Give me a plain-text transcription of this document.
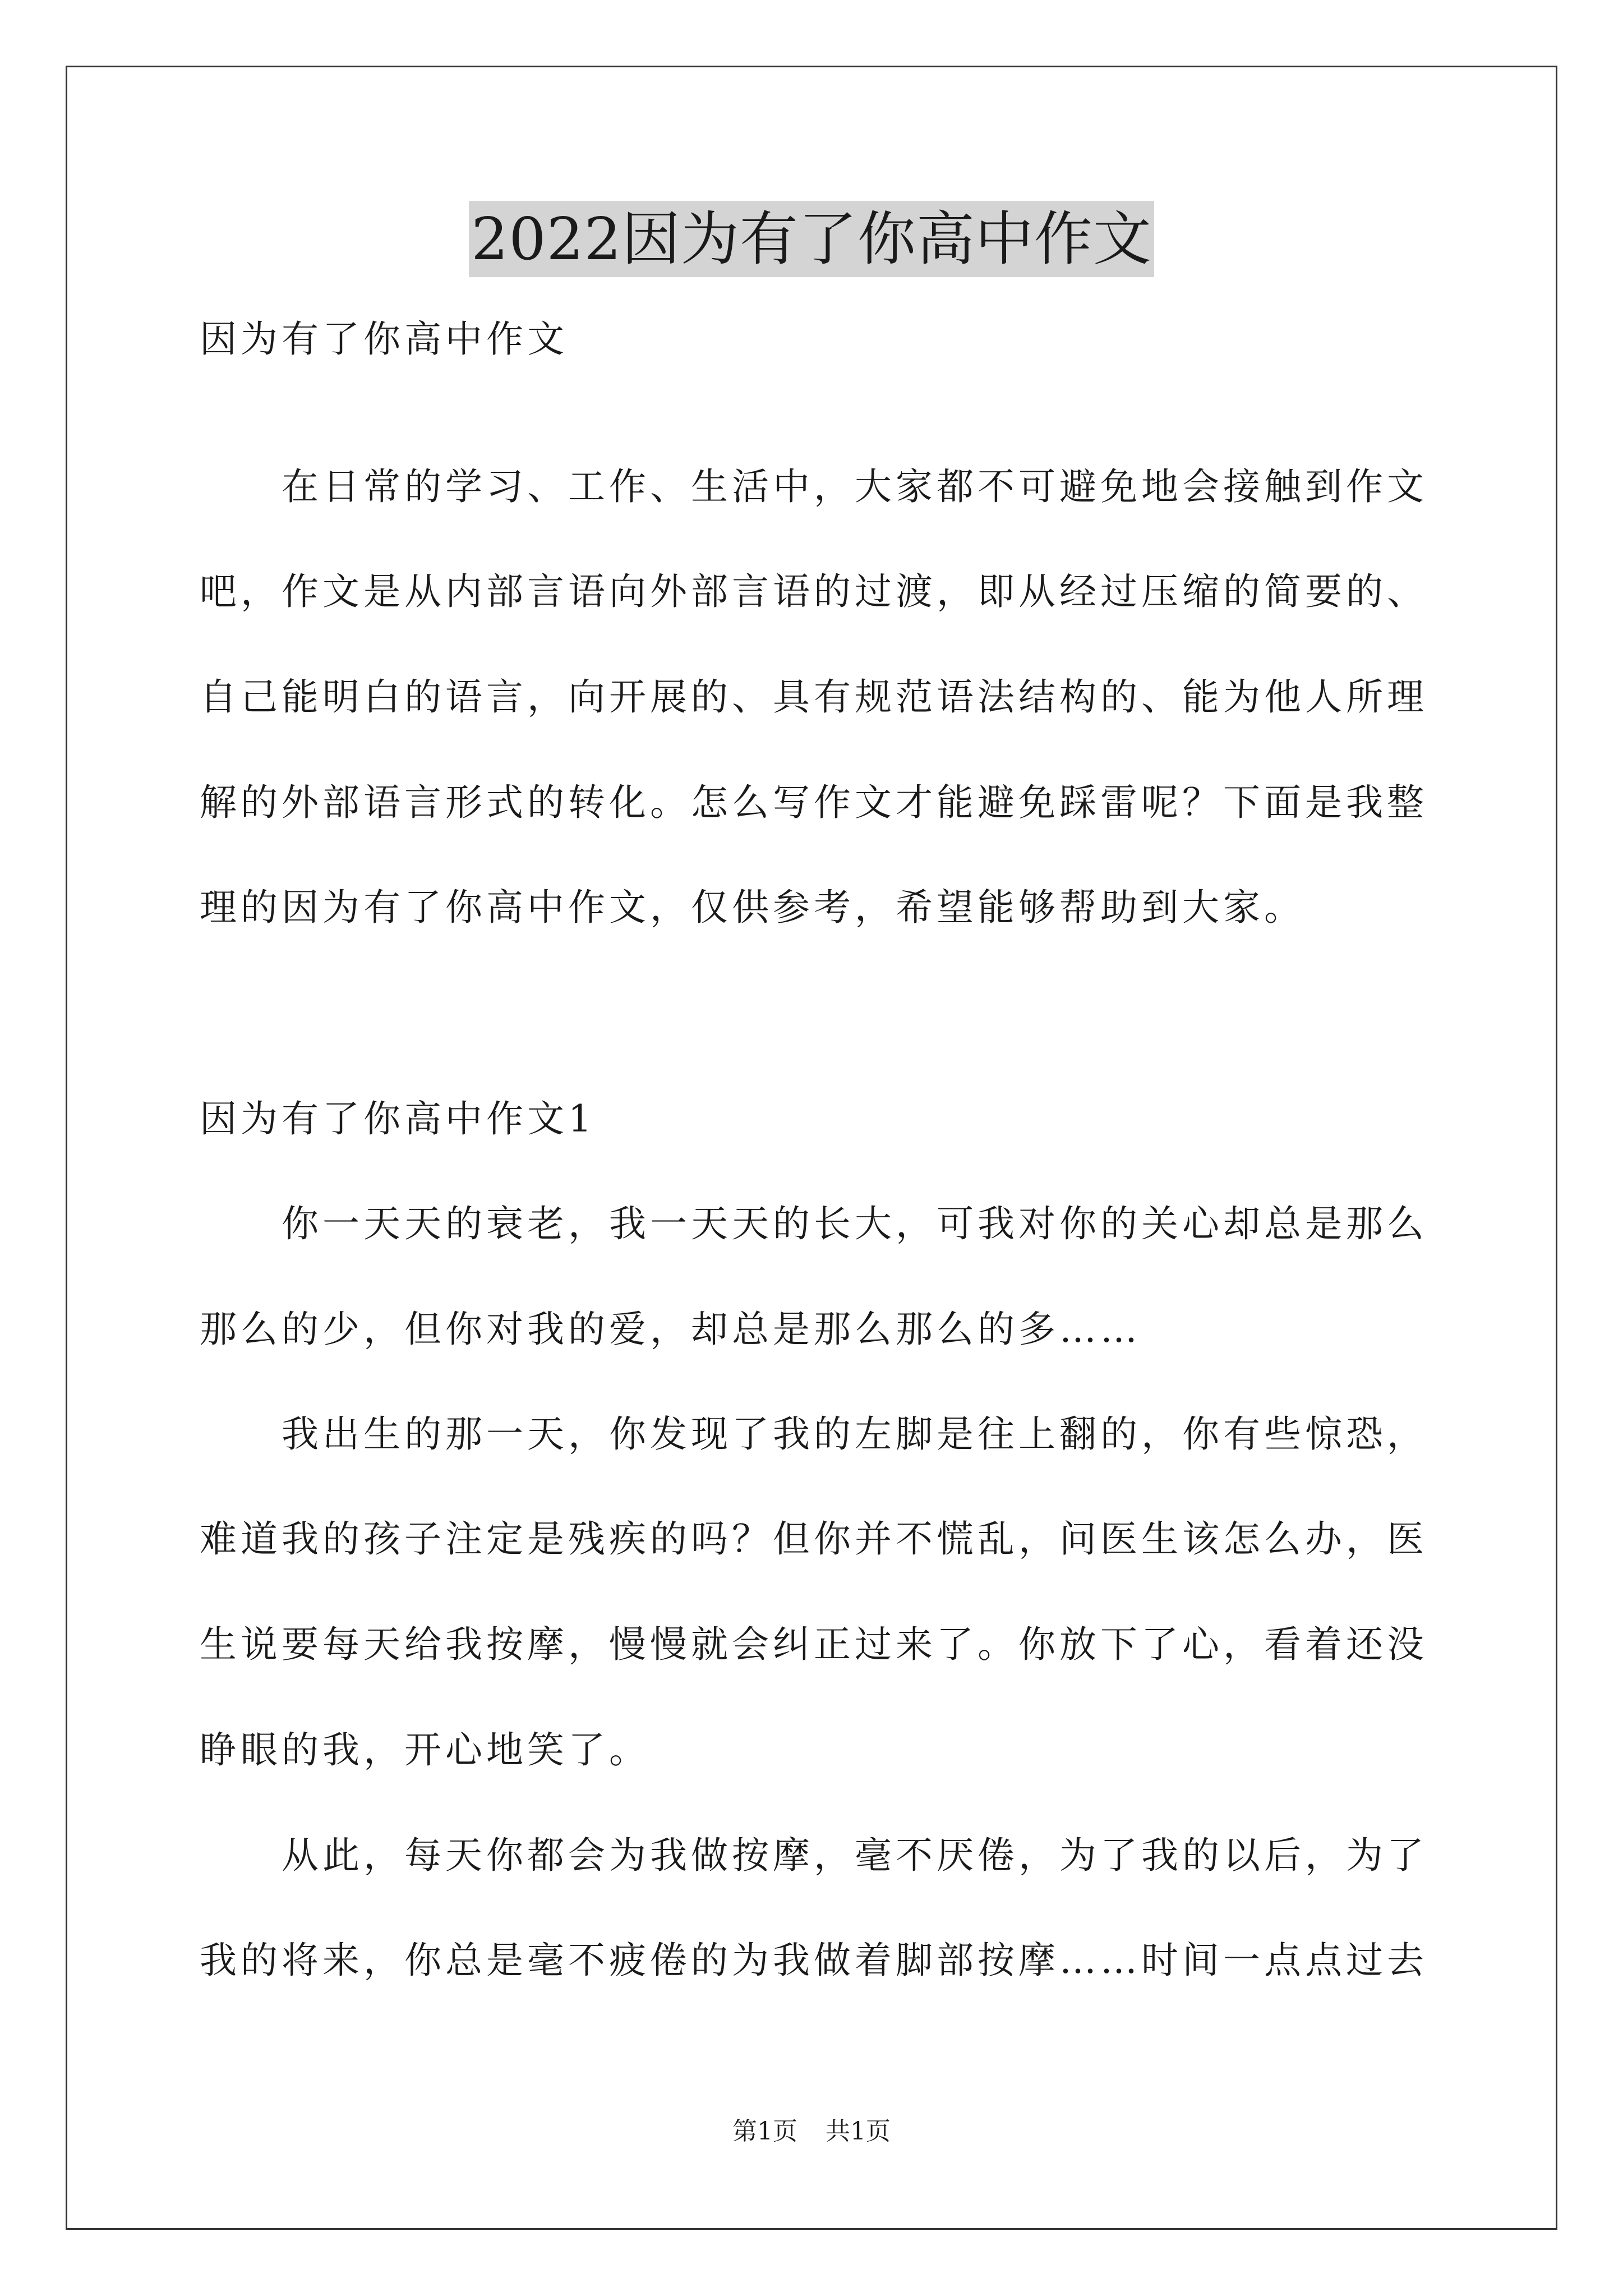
2022因为有了你高中作文
因为有了你高中作文
在日常的学习、工作、生活中，大家都不可避免地会接触到作文
吧，作文是从内部言语向外部言语的过渡，即从经过压缩的简要的、
自己能明白的语言，向开展的、具有规范语法结构的、能为他人所理
解的外部语言形式的转化。怎么写作文才能避免踩雷呢？下面是我整
理的因为有了你高中作文，仅供参考，希望能够帮助到大家。
因为有了你高中作文1
你一天天的衰老，我一天天的长大，可我对你的关心却总是那么
那么的少，但你对我的爱，却总是那么那么的多……
我出生的那一天，你发现了我的左脚是往上翻的，你有些惊恐，
难道我的孩子注定是残疾的吗？但你并不慌乱，问医生该怎么办，医
生说要每天给我按摩，慢慢就会纠正过来了。你放下了心，看着还没
睁眼的我，开心地笑了。
从此，每天你都会为我做按摩，毫不厌倦，为了我的以后，为了
我的将来，你总是毫不疲倦的为我做着脚部按摩……时间一点点过去
第1页 共1页
